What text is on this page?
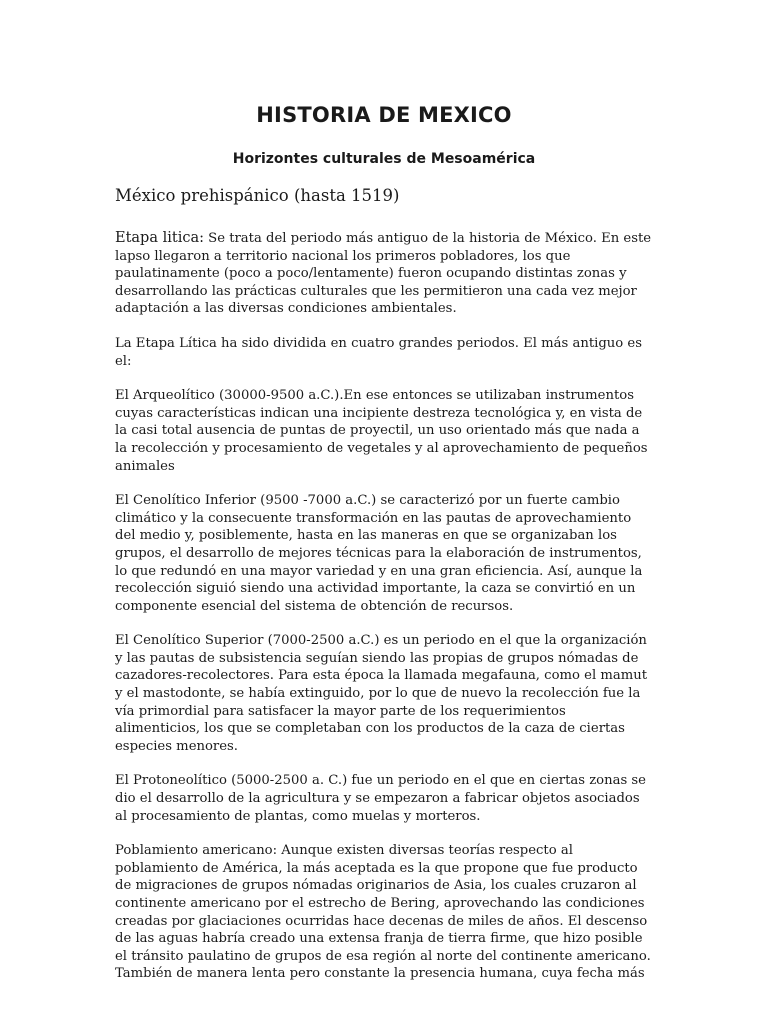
HISTORIA DE MEXICO
Horizontes culturales de Mesoamérica

México prehispánico (hasta 1519)

Etapa litica: Se trata del periodo más antiguo de la historia de México. En este lapso llegaron a territorio nacional los primeros pobladores, los que paulatinamente (poco a poco/lentamente) fueron ocupando distintas zonas y desarrollando las prácticas culturales que les permitieron una cada vez mejor adaptación a las diversas condiciones ambientales.

La Etapa Lítica ha sido dividida en cuatro grandes periodos. El más antiguo es el:

El Arqueolítico (30000-9500 a.C.).En ese entonces se utilizaban instrumentos cuyas características indican una incipiente destreza tecnológica y, en vista de la casi total ausencia de puntas de proyectil, un uso orientado más que nada a la recolección y procesamiento de vegetales y al aprovechamiento de pequeños animales

El Cenolítico Inferior (9500 -7000 a.C.) se caracterizó por un fuerte cambio climático y la consecuente transformación en las pautas de aprovechamiento del medio y, posiblemente, hasta en las maneras en que se organizaban los grupos, el desarrollo de mejores técnicas para la elaboración de instrumentos, lo que redundó en una mayor variedad y en una gran eficiencia. Así, aunque la recolección siguió siendo una actividad importante, la caza se convirtió en un componente esencial del sistema de obtención de recursos.

El Cenolítico Superior (7000-2500 a.C.) es un periodo en el que la organización y las pautas de subsistencia seguían siendo las propias de grupos nómadas de cazadores-recolectores. Para esta época la llamada megafauna, como el mamut y el mastodonte, se había extinguido, por lo que de nuevo la recolección fue la vía primordial para satisfacer la mayor parte de los requerimientos alimenticios, los que se completaban con los productos de la caza de ciertas especies menores.

El Protoneolítico (5000-2500 a. C.) fue un periodo en el que en ciertas zonas se dio el desarrollo de la agricultura y se empezaron a fabricar objetos asociados al procesamiento de plantas, como muelas y morteros.

Poblamiento americano: Aunque existen diversas teorías respecto al poblamiento de América, la más aceptada es la que propone que fue producto de migraciones de grupos nómadas originarios de Asia, los cuales cruzaron al continente americano por el estrecho de Bering, aprovechando las condiciones creadas por glaciaciones ocurridas hace decenas de miles de años. El descenso de las aguas habría creado una extensa franja de tierra firme, que hizo posible el tránsito paulatino de grupos de esa región al norte del continente americano. También de manera lenta pero constante la presencia humana, cuya fecha más
